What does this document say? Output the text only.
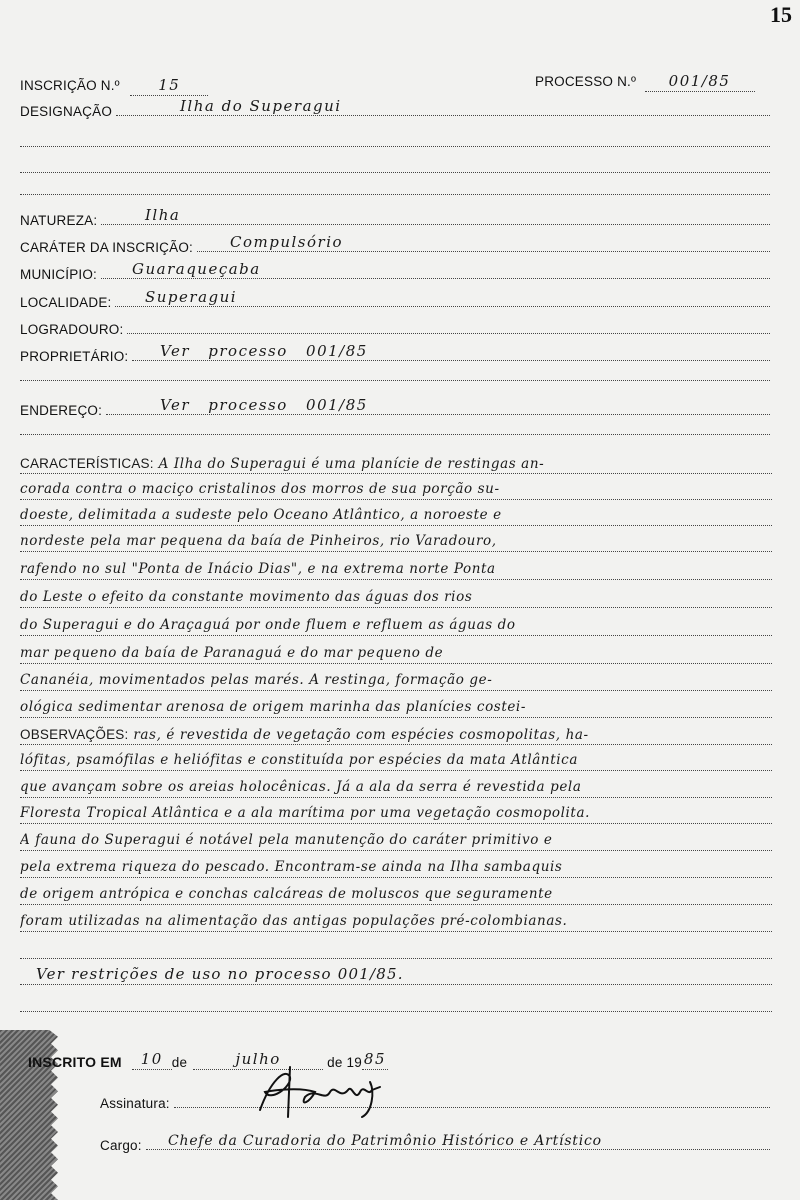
15
INSCRIÇÃO N.º	15	PROCESSO N.º 001/85
DESIGNAÇÃO	Ilha do Superagui
NATUREZA:	Ilha
CARÁTER DA INSCRIÇÃO: Compulsório
MUNICÍPIO: Guaraqueçaba
LOCALIDADE: Superagui
LOGRADOURO:
PROPRIETÁRIO: Ver processo 001/85
ENDEREÇO:	Ver processo 001/85
CARACTERÍSTICAS: A Ilha do Superagui é uma planície de restingas an-
corada contra o maciço cristalinos dos morros de sua porção su-
doeste, delimitada a sudeste pelo Oceano Atlântico, a noroeste e
nordeste pela mar pequena da baía de Pinheiros, rio Varadouro,
rafendo no sul "Ponta de Inácio Dias", e na extrema norte Ponta
do Leste o efeito da constante movimento das águas dos rios
do Superagui e do Araçaguá por onde fluem e refluem as águas do
mar pequeno da baía de Paranaguá e do mar pequeno de
Cananéia, movimentados pelas marés. A restinga, formação ge-
ológica sedimentar arenosa de origem marinha das planícies costei-
OBSERVAÇÕES: ras, é revestida de vegetação com espécies cosmopolitas, ha-
lófitas, psamófilas e heliófitas e constituída por espécies da mata Atlântica
que avançam sobre os areias holocênicas. Já a ala da serra é revestida pela
Floresta Tropical Atlântica e a ala marítima por uma vegetação cosmopolita.
A fauna do Superagui é notável pela manutenção do caráter primitivo e
pela extrema riqueza do pescado. Encontram-se ainda na Ilha sambaquis
de origem antrópica e conchas calcáreas de moluscos que seguramente
foram utilizadas na alimentação das antigas populações pré-colombianas.
Ver restrições de uso no processo 001/85.
INSCRITO EM	10 de	julho	de 19 85
Assinatura:
Cargo: Chefe da Curadoria do Patrimônio Histórico e Artístico
